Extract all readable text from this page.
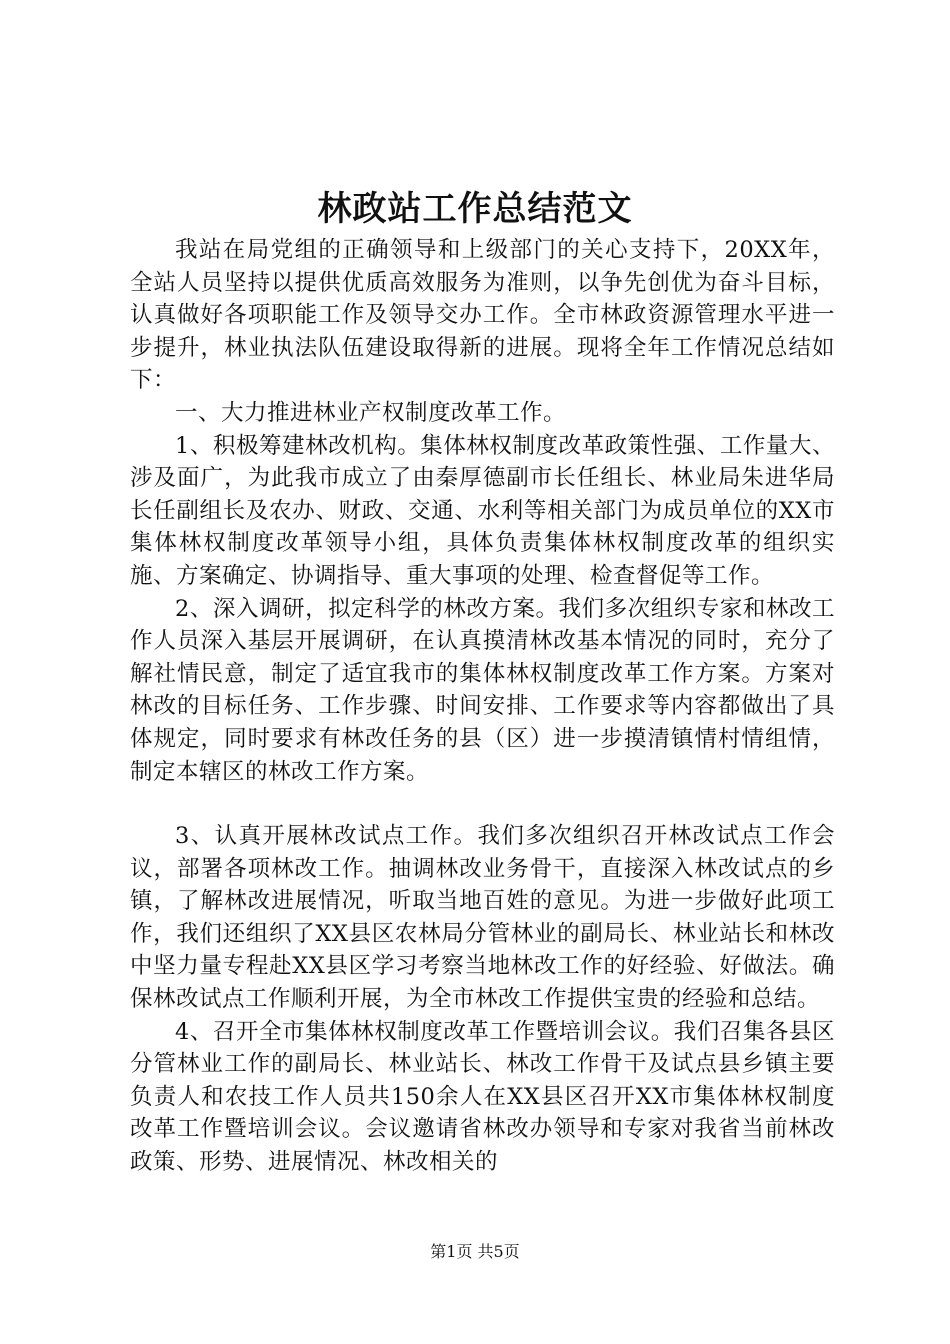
林政站工作总结范文

我站在局党组的正确领导和上级部门的关心支持下，20XX年，全站人员坚持以提供优质高效服务为准则，以争先创优为奋斗目标，认真做好各项职能工作及领导交办工作。全市林政资源管理水平进一步提升，林业执法队伍建设取得新的进展。现将全年工作情况总结如下：

一、大力推进林业产权制度改革工作。

1、积极筹建林改机构。集体林权制度改革政策性强、工作量大、涉及面广，为此我市成立了由秦厚德副市长任组长、林业局朱进华局长任副组长及农办、财政、交通、水利等相关部门为成员单位的XX市集体林权制度改革领导小组，具体负责集体林权制度改革的组织实施、方案确定、协调指导、重大事项的处理、检查督促等工作。

2、深入调研，拟定科学的林改方案。我们多次组织专家和林改工作人员深入基层开展调研，在认真摸清林改基本情况的同时，充分了解社情民意，制定了适宜我市的集体林权制度改革工作方案。方案对林改的目标任务、工作步骤、时间安排、工作要求等内容都做出了具体规定，同时要求有林改任务的县（区）进一步摸清镇情村情组情，制定本辖区的林改工作方案。

3、认真开展林改试点工作。我们多次组织召开林改试点工作会议，部署各项林改工作。抽调林改业务骨干，直接深入林改试点的乡镇，了解林改进展情况，听取当地百姓的意见。为进一步做好此项工作，我们还组织了XX县区农林局分管林业的副局长、林业站长和林改中坚力量专程赴XX县区学习考察当地林改工作的好经验、好做法。确保林改试点工作顺利开展，为全市林改工作提供宝贵的经验和总结。

4、召开全市集体林权制度改革工作暨培训会议。我们召集各县区分管林业工作的副局长、林业站长、林改工作骨干及试点县乡镇主要负责人和农技工作人员共150余人在XX县区召开XX市集体林权制度改革工作暨培训会议。会议邀请省林改办领导和专家对我省当前林改政策、形势、进展情况、林改相关的

第1页 共5页
